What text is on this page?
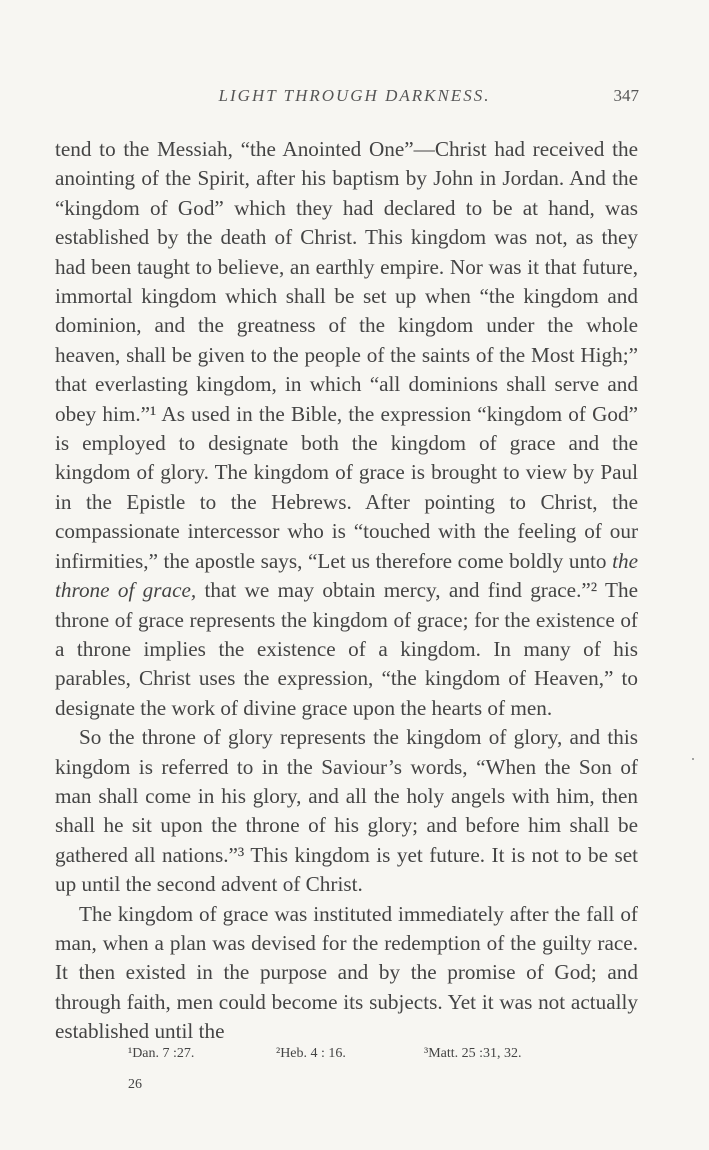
LIGHT THROUGH DARKNESS.	347

tend to the Messiah, “the Anointed One”—Christ had received the anointing of the Spirit, after his baptism by John in Jordan. And the “kingdom of God” which they had declared to be at hand, was established by the death of Christ. This kingdom was not, as they had been taught to believe, an earthly empire. Nor was it that future, immortal kingdom which shall be set up when “the kingdom and dominion, and the greatness of the kingdom under the whole heaven, shall be given to the people of the saints of the Most High;” that everlasting kingdom, in which “all dominions shall serve and obey him.”¹ As used in the Bible, the expression “kingdom of God” is employed to designate both the kingdom of grace and the kingdom of glory. The kingdom of grace is brought to view by Paul in the Epistle to the Hebrews. After pointing to Christ, the compassionate intercessor who is “touched with the feeling of our infirmities,” the apostle says, “Let us therefore come boldly unto the throne of grace, that we may obtain mercy, and find grace.”² The throne of grace represents the kingdom of grace; for the existence of a throne implies the existence of a kingdom. In many of his parables, Christ uses the expression, “the kingdom of Heaven,” to designate the work of divine grace upon the hearts of men.

So the throne of glory represents the kingdom of glory, and this kingdom is referred to in the Saviour’s words, “When the Son of man shall come in his glory, and all the holy angels with him, then shall he sit upon the throne of his glory; and before him shall be gathered all nations.”³ This kingdom is yet future. It is not to be set up until the second advent of Christ.

The kingdom of grace was instituted immediately after the fall of man, when a plan was devised for the redemption of the guilty race. It then existed in the purpose and by the promise of God; and through faith, men could become its subjects. Yet it was not actually established until the

¹Dan. 7 :27.	²Heb. 4 : 16.	³Matt. 25 :31, 32.
26
